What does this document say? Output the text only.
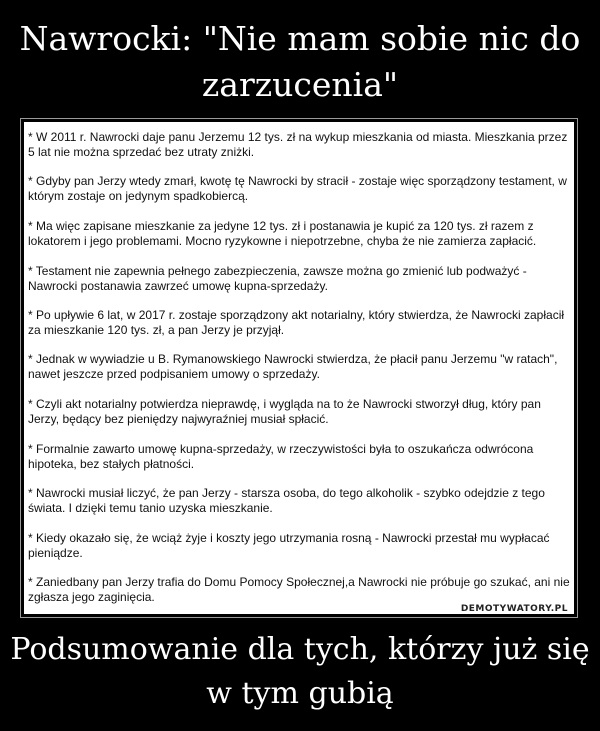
Nawrocki: "Nie mam sobie nic do zarzucenia"

* W 2011 r. Nawrocki daje panu Jerzemu 12 tys. zł na wykup mieszkania od miasta. Mieszkania przez 5 lat nie można sprzedać bez utraty zniżki.

* Gdyby pan Jerzy wtedy zmarł, kwotę tę Nawrocki by stracił - zostaje więc sporządzony testament, w którym zostaje on jedynym spadkobiercą.

* Ma więc zapisane mieszkanie za jedyne 12 tys. zł i postanawia je kupić za 120 tys. zł razem z lokatorem i jego problemami. Mocno ryzykowne i niepotrzebne, chyba że nie zamierza zapłacić.

* Testament nie zapewnia pełnego zabezpieczenia, zawsze można go zmienić lub podważyć - Nawrocki postanawia zawrzeć umowę kupna-sprzedaży.

* Po upływie 6 lat, w 2017 r. zostaje sporządzony akt notarialny, który stwierdza, że Nawrocki zapłacił za mieszkanie 120 tys. zł, a pan Jerzy je przyjął.

* Jednak w wywiadzie u B. Rymanowskiego Nawrocki stwierdza, że płacił panu Jerzemu "w ratach", nawet jeszcze przed podpisaniem umowy o sprzedaży.

* Czyli akt notarialny potwierdza nieprawdę, i wygląda na to że Nawrocki stworzył dług, który pan Jerzy, będący bez pieniędzy najwyraźniej musiał spłacić.

* Formalnie zawarto umowę kupna-sprzedaży, w rzeczywistości była to oszukańcza odwrócona hipoteka, bez stałych płatności.

* Nawrocki musiał liczyć, że pan Jerzy - starsza osoba, do tego alkoholik - szybko odejdzie z tego świata. I dzięki temu tanio uzyska mieszkanie.

* Kiedy okazało się, że wciąż żyje i koszty jego utrzymania rosną - Nawrocki przestał mu wypłacać pieniądze.

* Zaniedbany pan Jerzy trafia do Domu Pomocy Społecznej,a Nawrocki nie próbuje go szukać, ani nie zgłasza jego zaginięcia.

DEMOTYWATORY.PL
Podsumowanie dla tych, którzy już się w tym gubią
